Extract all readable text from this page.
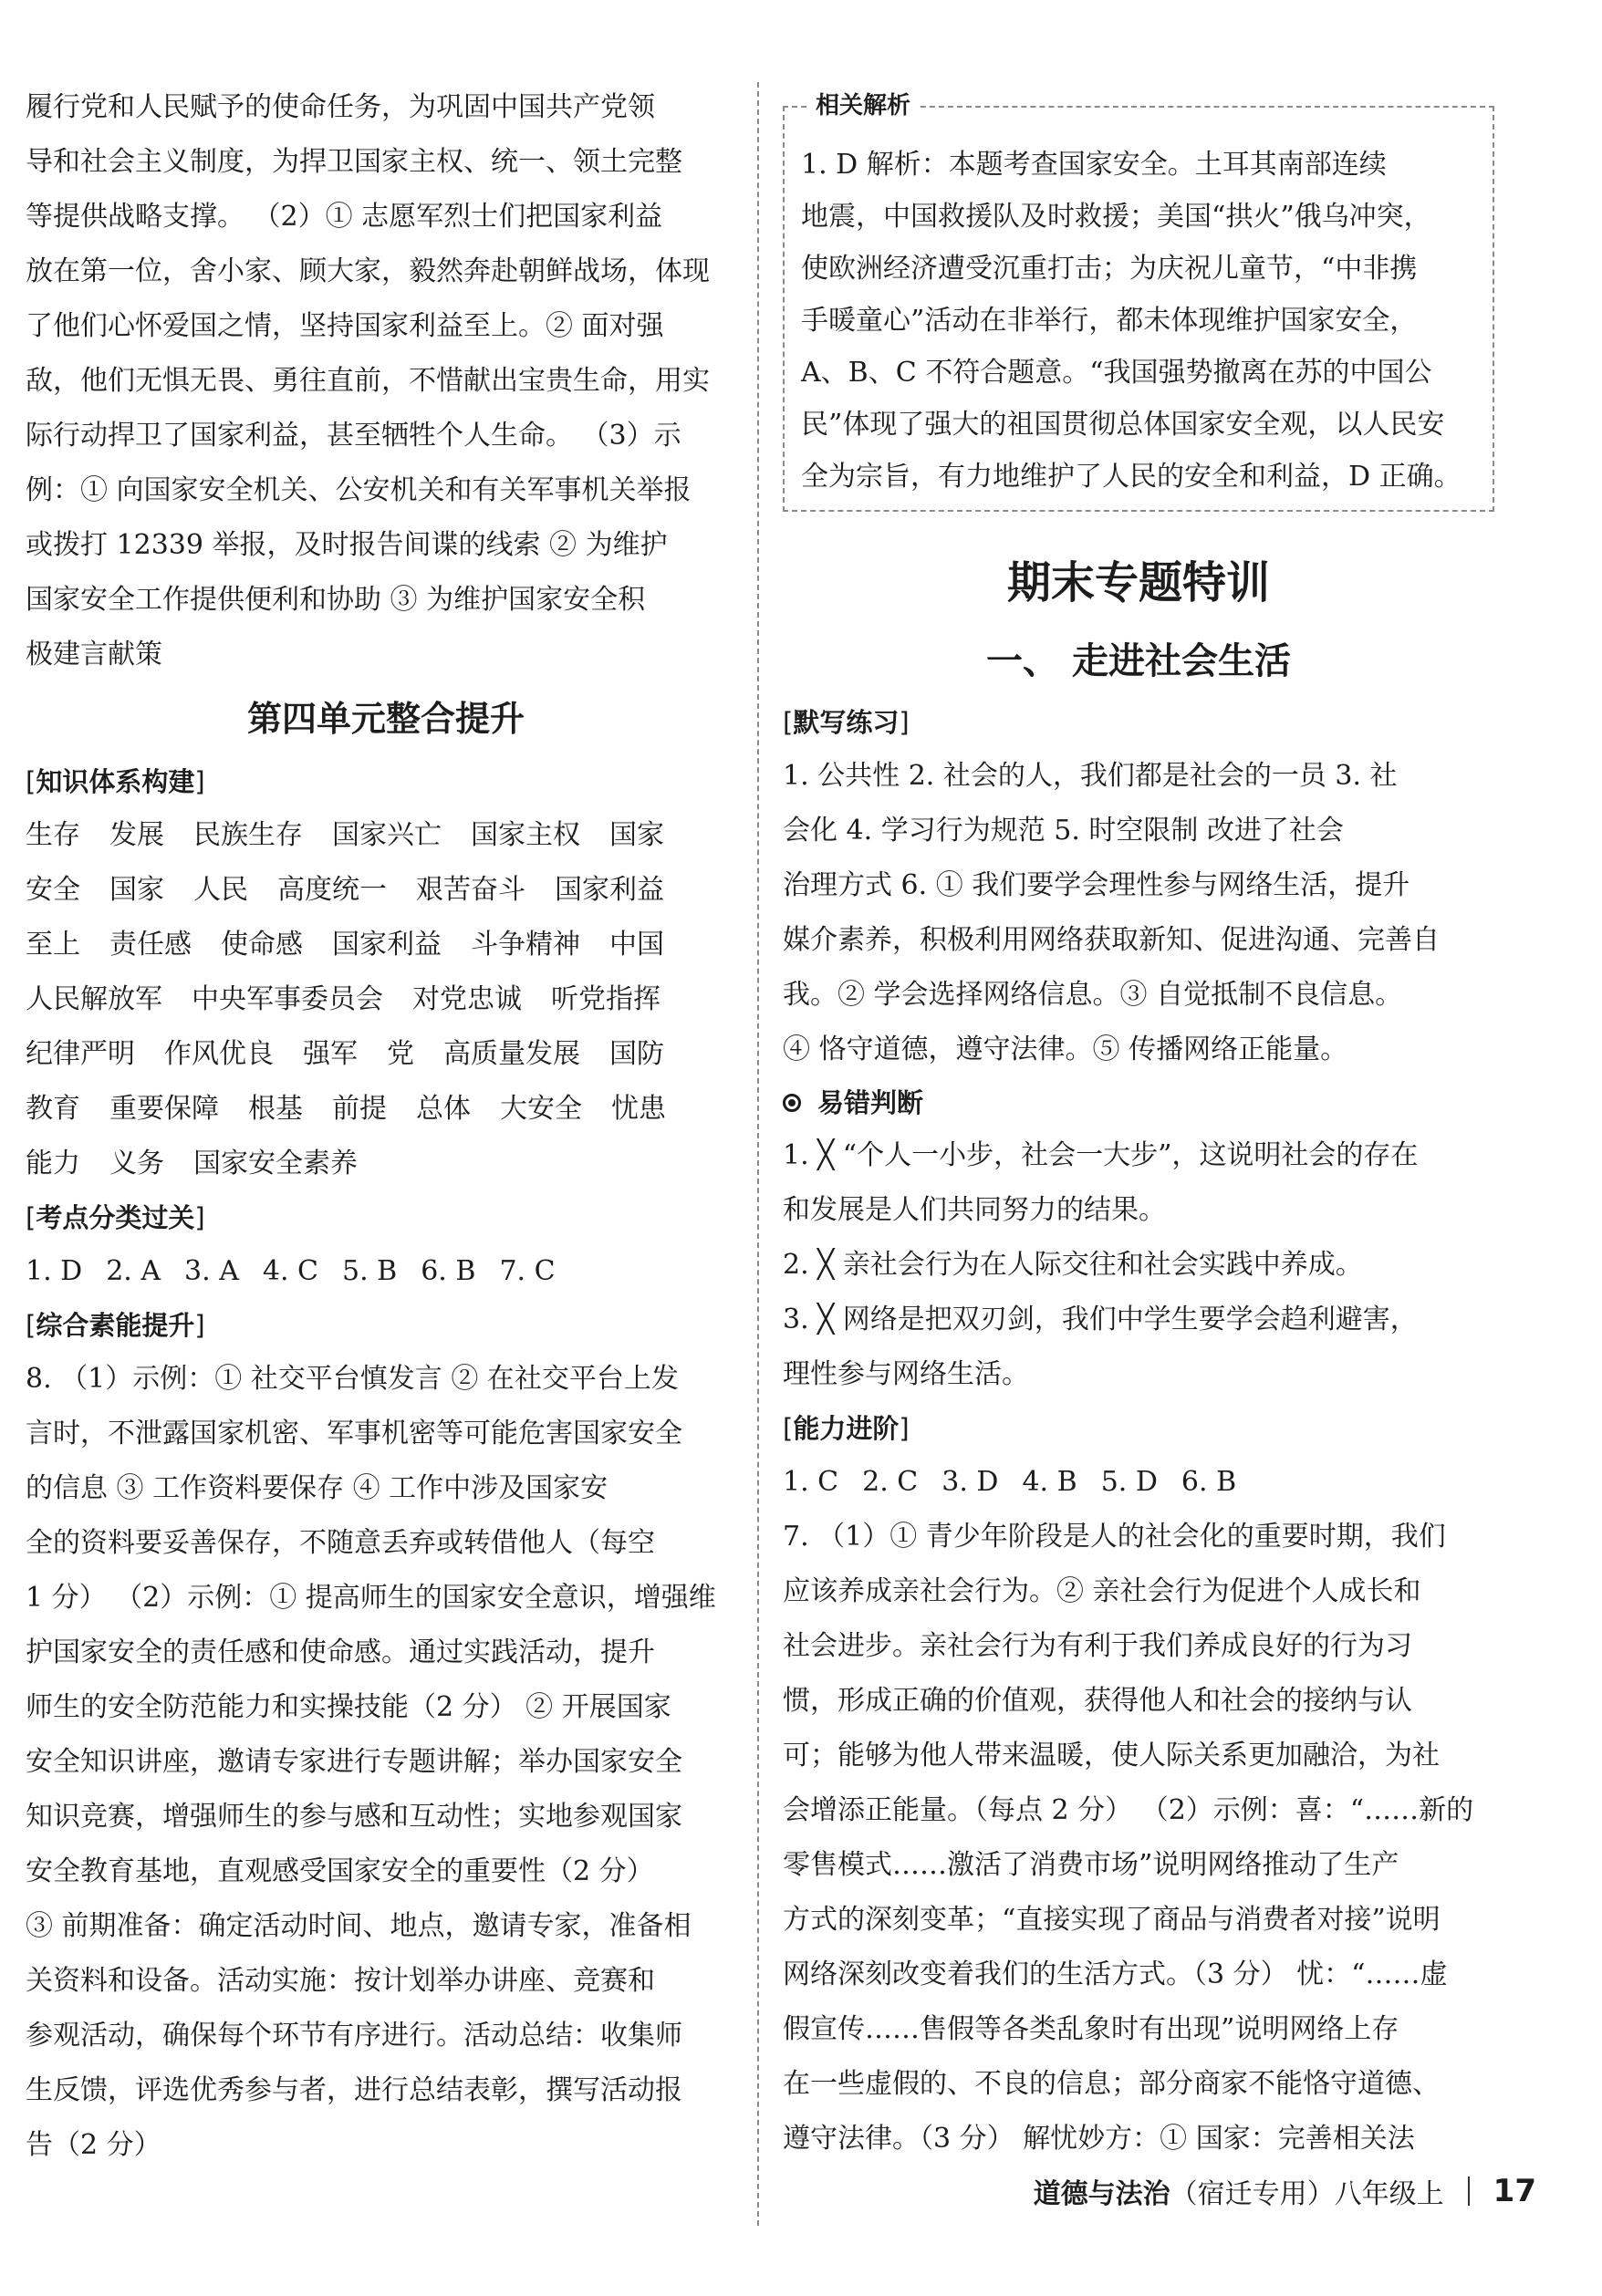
履行党和人民赋予的使命任务，为巩固中国共产党领

导和社会主义制度，为捍卫国家主权、统一、领土完整

等提供战略支撑。 （2）① 志愿军烈士们把国家利益

放在第一位，舍小家、顾大家，毅然奔赴朝鲜战场，体现

了他们心怀爱国之情，坚持国家利益至上。② 面对强

敌，他们无惧无畏、勇往直前，不惜献出宝贵生命，用实

际行动捍卫了国家利益，甚至牺牲个人生命。 （3）示

例：① 向国家安全机关、公安机关和有关军事机关举报

或拨打 12339 举报，及时报告间谍的线索 ② 为维护

国家安全工作提供便利和协助 ③ 为维护国家安全积

极建言献策

第四单元整合提升
[知识体系构建]

生存 发展 民族生存 国家兴亡 国家主权 国家

安全 国家 人民 高度统一 艰苦奋斗 国家利益

至上 责任感 使命感 国家利益 斗争精神 中国

人民解放军 中央军事委员会 对党忠诚 听党指挥

纪律严明 作风优良 强军 党 高质量发展 国防

教育 重要保障 根基 前提 总体 大安全 忧患

能力 义务 国家安全素养

[考点分类过关]

1. D 2. A 3. A 4. C 5. B 6. B 7. C

[综合素能提升]

8. （1）示例：① 社交平台慎发言 ② 在社交平台上发

言时，不泄露国家机密、军事机密等可能危害国家安全

的信息 ③ 工作资料要保存 ④ 工作中涉及国家安

全的资料要妥善保存，不随意丢弃或转借他人（每空

1 分） （2）示例：① 提高师生的国家安全意识，增强维

护国家安全的责任感和使命感。通过实践活动，提升

师生的安全防范能力和实操技能（2 分） ② 开展国家

安全知识讲座，邀请专家进行专题讲解；举办国家安全

知识竞赛，增强师生的参与感和互动性；实地参观国家

安全教育基地，直观感受国家安全的重要性（2 分）

③ 前期准备：确定活动时间、地点，邀请专家，准备相

关资料和设备。活动实施：按计划举办讲座、竞赛和

参观活动，确保每个环节有序进行。活动总结：收集师

生反馈，评选优秀参与者，进行总结表彰，撰写活动报

告（2 分）

相关解析

1. D 解析：本题考查国家安全。土耳其南部连续

地震，中国救援队及时救援；美国“拱火”俄乌冲突，

使欧洲经济遭受沉重打击；为庆祝儿童节，“中非携

手暖童心”活动在非举行，都未体现维护国家安全，

A、B、C 不符合题意。“我国强势撤离在苏的中国公

民”体现了强大的祖国贯彻总体国家安全观，以人民安

全为宗旨，有力地维护了人民的安全和利益，D 正确。

期末专题特训
一、 走进社会生活
[默写练习]

1. 公共性 2. 社会的人，我们都是社会的一员 3. 社

会化 4. 学习行为规范 5. 时空限制 改进了社会

治理方式 6. ① 我们要学会理性参与网络生活，提升

媒介素养，积极利用网络获取新知、促进沟通、完善自

我。② 学会选择网络信息。③ 自觉抵制不良信息。

④ 恪守道德，遵守法律。⑤ 传播网络正能量。

易错判断

1. ╳ “个人一小步，社会一大步”，这说明社会的存在

和发展是人们共同努力的结果。

2. ╳ 亲社会行为在人际交往和社会实践中养成。

3. ╳ 网络是把双刃剑，我们中学生要学会趋利避害，

理性参与网络生活。

[能力进阶]

1. C 2. C 3. D 4. B 5. D 6. B

7. （1）① 青少年阶段是人的社会化的重要时期，我们

应该养成亲社会行为。② 亲社会行为促进个人成长和

社会进步。亲社会行为有利于我们养成良好的行为习

惯，形成正确的价值观，获得他人和社会的接纳与认

可；能够为他人带来温暖，使人际关系更加融洽，为社

会增添正能量。（每点 2 分） （2）示例：喜：“……新的

零售模式……激活了消费市场”说明网络推动了生产

方式的深刻变革；“直接实现了商品与消费者对接”说明

网络深刻改变着我们的生活方式。（3 分） 忧：“……虚

假宣传……售假等各类乱象时有出现”说明网络上存

在一些虚假的、不良的信息；部分商家不能恪守道德、

遵守法律。（3 分） 解忧妙方：① 国家：完善相关法

道德与法治 （宿迁专用）八年级上 17
